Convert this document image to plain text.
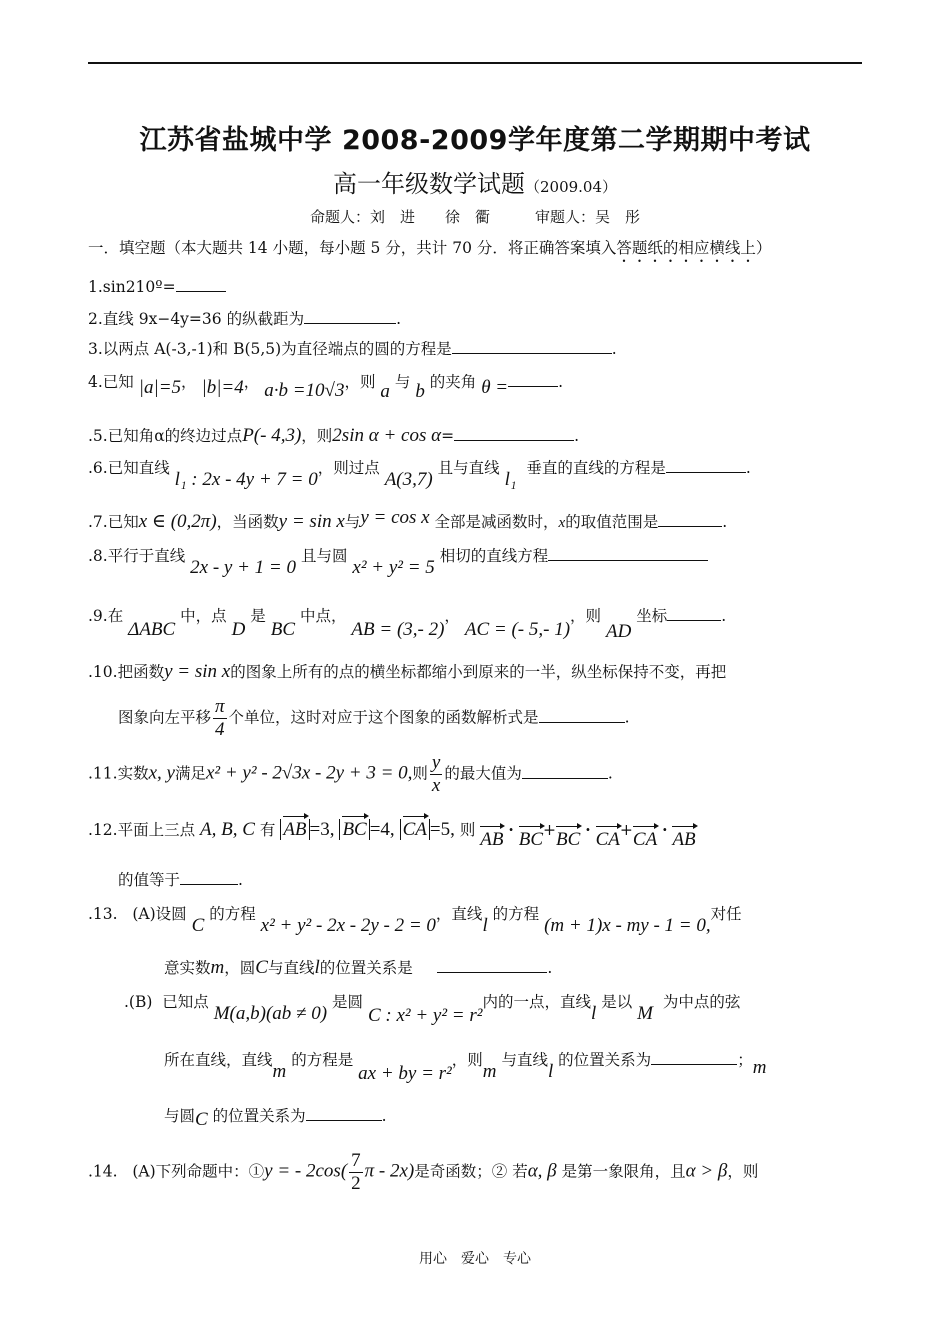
江苏省盐城中学 2008-2009学年度第二学期期中考试
高一年级数学试题（2009.04）
命题人：刘　进　　徐　衢　　　审题人：吴　彤
一．填空题（本大题共 14 小题，每小题 5 分，共计 70 分．将正确答案填入答题纸的相应横线上）
1.sin210º=
2.直线 9x−4y=36 的纵截距为	.
3.以两点 A(-3,-1)和 B(5,5)为直径端点的圆的方程是	.
4.已知 |a|=5， |b|=4， a·b =10√3，则 a 与 b 的夹角 θ =	.
.5.已知角α的终边过点P(- 4,3)，则2sin α + cos α=	.
.6.已知直线 l₁ : 2x - 4y + 7 = 0，则过点 A(3,7) 且与直线 l₁  垂直的直线的方程是	.
.7.已知x ∈ (0,2π)，当函数y = sin x与y = cos x 全部是减函数时，x的取值范围是	.
.8.平行于直线 2x - y + 1 = 0 且与圆 x² + y² = 5 相切的直线方程
.9.在 ΔABC 中，点 D 是 BC 中点， AB = (3,- 2)， AC = (- 5,- 1)，则 AD 坐标	.
.10.把函数y = sin x的图象上所有的点的横坐标都缩小到原来的一半，纵坐标保持不变，再把
图象向左平移 $\frac{\pi}{4}$ 个单位，这时对应于这个图象的函数解析式是	.
.11.实数x, y满足x² + y² - 2√3x - 2y + 3 = 0,则 $\frac{y}{x}$ 的最大值为	.
.12.平面上三点 A, B, C 有 AB =3, BC =4, CA =5, 则 AB · BC+BC · CA+CA · AB
的值等于	.
.13. (A)设圆 C 的方程 x² + y² - 2x - 2y - 2 = 0，直线l 的方程 (m + 1)x - my - 1 = 0,对任
意实数m，圆C与直线l的位置关系是	.
.(B) 已知点 M(a,b)(ab ≠ 0) 是圆 C : x² + y² = r²内的一点，直线l 是以 M  为中点的弦
所在直线，直线m 的方程是 ax + by = r²，则m 与直线l 的位置关系为	；m
与圆C 的位置关系为	.
.14. (A)下列命题中：①y = - $2\cos( \frac{7}{2}$ π - 2x)是奇函数；② 若α, β 是第一象限角，且α > β，则
用心　爱心　专心
